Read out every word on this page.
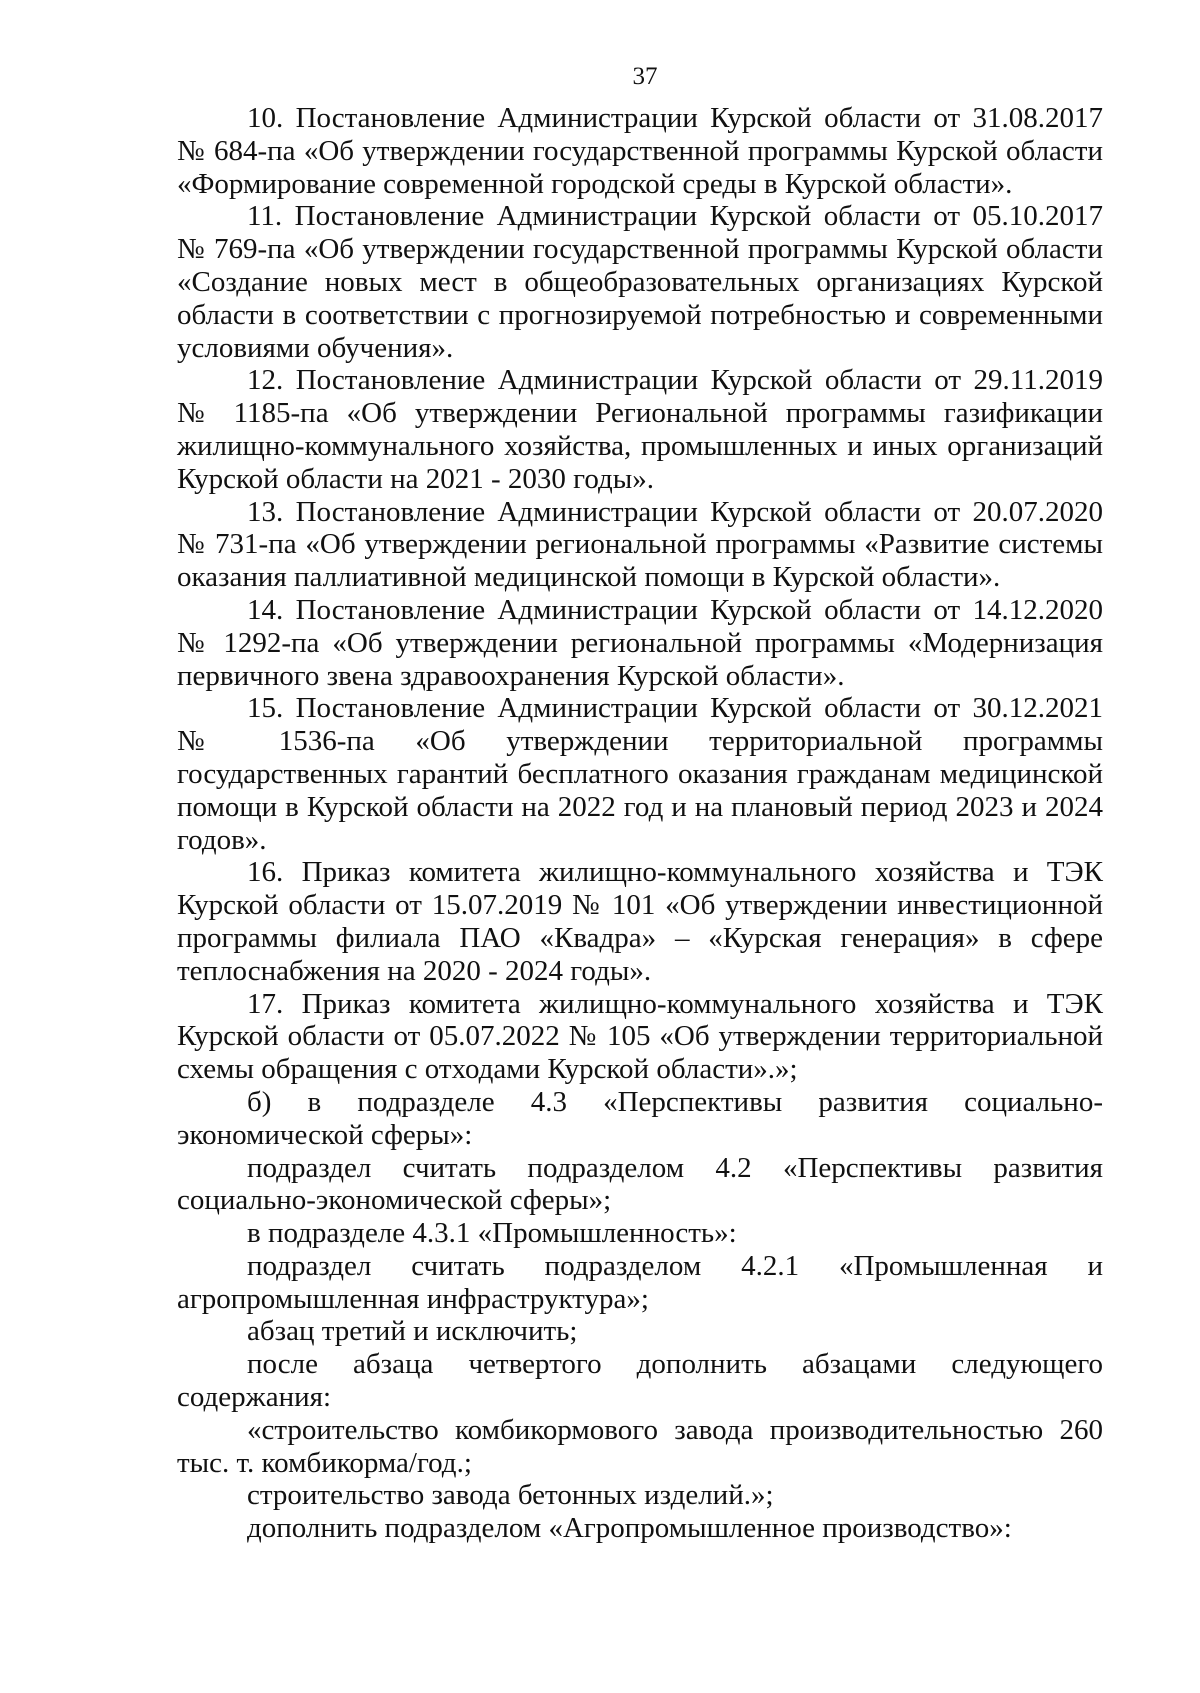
37

10. Постановление Администрации Курской области от 31.08.2017 № 684-па «Об утверждении государственной программы Курской области «Формирование современной городской среды в Курской области».

11. Постановление Администрации Курской области от 05.10.2017 № 769-па «Об утверждении государственной программы Курской области «Создание новых мест в общеобразовательных организациях Курской области в соответствии с прогнозируемой потребностью и современными условиями обучения».

12. Постановление Администрации Курской области от 29.11.2019 № 1185-па «Об утверждении Региональной программы газификации жилищно-коммунального хозяйства, промышленных и иных организаций Курской области на 2021 - 2030 годы».

13. Постановление Администрации Курской области от 20.07.2020 № 731-па «Об утверждении региональной программы «Развитие системы оказания паллиативной медицинской помощи в Курской области».

14. Постановление Администрации Курской области от 14.12.2020 № 1292-па «Об утверждении региональной программы «Модернизация первичного звена здравоохранения Курской области».

15. Постановление Администрации Курской области от 30.12.2021 № 1536-па «Об утверждении территориальной программы государственных гарантий бесплатного оказания гражданам медицинской помощи в Курской области на 2022 год и на плановый период 2023 и 2024 годов».

16. Приказ комитета жилищно-коммунального хозяйства и ТЭК Курской области от 15.07.2019 № 101 «Об утверждении инвестиционной программы филиала ПАО «Квадра» – «Курская генерация» в сфере теплоснабжения на 2020 - 2024 годы».

17. Приказ комитета жилищно-коммунального хозяйства и ТЭК Курской области от 05.07.2022 № 105 «Об утверждении территориальной схемы обращения с отходами Курской области».»;

б) в подразделе 4.3 «Перспективы развития социально-экономической сферы»:

подраздел считать подразделом 4.2 «Перспективы развития социально-экономической сферы»;

в подразделе 4.3.1 «Промышленность»:

подраздел считать подразделом 4.2.1 «Промышленная и агропромышленная инфраструктура»;

абзац третий и исключить;

после абзаца четвертого дополнить абзацами следующего содержания:

«строительство комбикормового завода производительностью 260 тыс. т. комбикорма/год.;

строительство завода бетонных изделий.»;

дополнить подразделом «Агропромышленное производство»:
